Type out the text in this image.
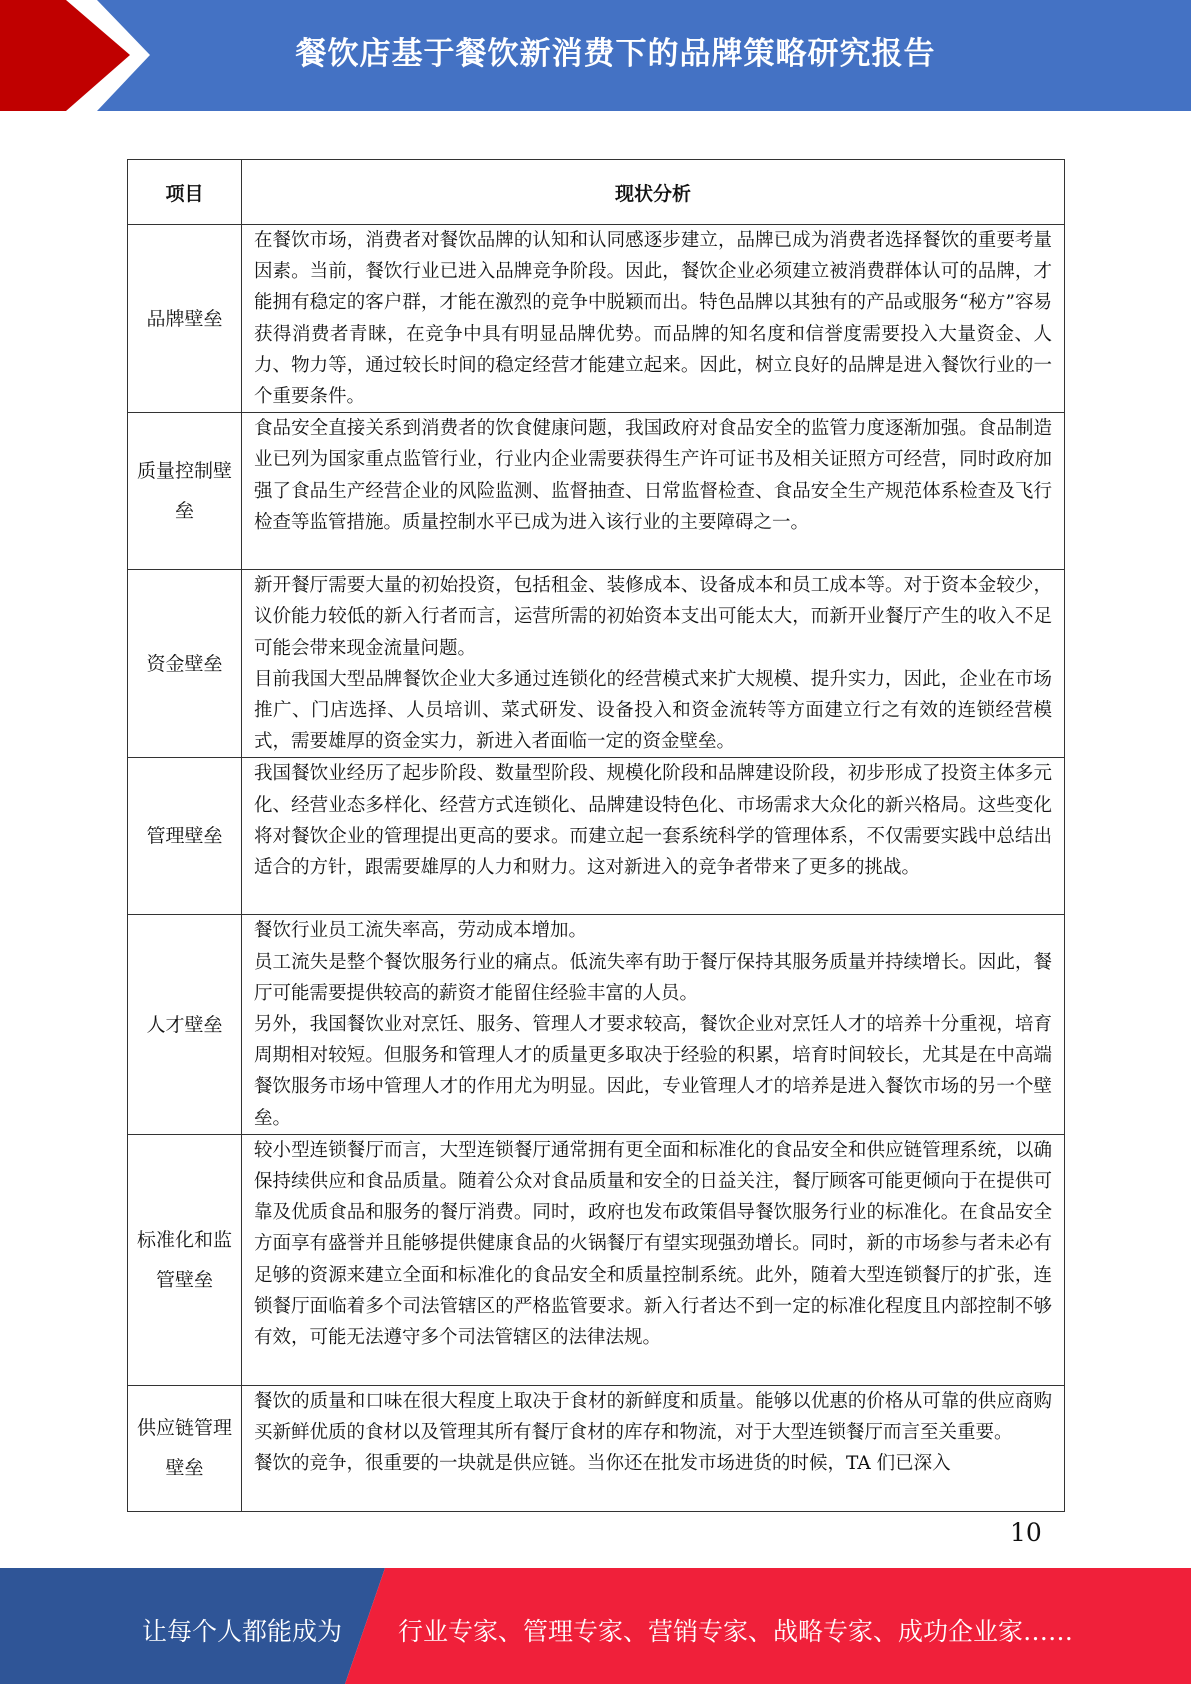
餐饮店基于餐饮新消费下的品牌策略研究报告
项目	现状分析
品牌壁垒	在餐饮市场，消费者对餐饮品牌的认知和认同感逐步建立，品牌已成为消费者选择餐饮的重要考量因素。当前，餐饮行业已进入品牌竞争阶段。因此，餐饮企业必须建立被消费群体认可的品牌，才能拥有稳定的客户群，才能在激烈的竞争中脱颖而出。特色品牌以其独有的产品或服务“秘方”容易获得消费者青睐，在竞争中具有明显品牌优势。而品牌的知名度和信誉度需要投入大量资金、人力、物力等，通过较长时间的稳定经营才能建立起来。因此，树立良好的品牌是进入餐饮行业的一个重要条件。

质量控制壁垒	食品安全直接关系到消费者的饮食健康问题，我国政府对食品安全的监管力度逐渐加强。食品制造业已列为国家重点监管行业，行业内企业需要获得生产许可证书及相关证照方可经营，同时政府加强了食品生产经营企业的风险监测、监督抽查、日常监督检查、食品安全生产规范体系检查及飞行检查等监管措施。质量控制水平已成为进入该行业的主要障碍之一。

资金壁垒	新开餐厅需要大量的初始投资，包括租金、装修成本、设备成本和员工成本等。对于资本金较少，议价能力较低的新入行者而言，运营所需的初始资本支出可能太大，而新开业餐厅产生的收入不足可能会带来现金流量问题。

目前我国大型品牌餐饮企业大多通过连锁化的经营模式来扩大规模、提升实力，因此，企业在市场推广、门店选择、人员培训、菜式研发、设备投入和资金流转等方面建立行之有效的连锁经营模式，需要雄厚的资金实力，新进入者面临一定的资金壁垒。

管理壁垒	我国餐饮业经历了起步阶段、数量型阶段、规模化阶段和品牌建设阶段，初步形成了投资主体多元化、经营业态多样化、经营方式连锁化、品牌建设特色化、市场需求大众化的新兴格局。这些变化将对餐饮企业的管理提出更高的要求。而建立起一套系统科学的管理体系，不仅需要实践中总结出适合的方针，跟需要雄厚的人力和财力。这对新进入的竞争者带来了更多的挑战。

人才壁垒	餐饮行业员工流失率高，劳动成本增加。

员工流失是整个餐饮服务行业的痛点。低流失率有助于餐厅保持其服务质量并持续增长。因此，餐厅可能需要提供较高的薪资才能留住经验丰富的人员。

另外，我国餐饮业对烹饪、服务、管理人才要求较高，餐饮企业对烹饪人才的培养十分重视，培育周期相对较短。但服务和管理人才的质量更多取决于经验的积累，培育时间较长，尤其是在中高端餐饮服务市场中管理人才的作用尤为明显。因此，专业管理人才的培养是进入餐饮市场的另一个壁垒。

标准化和监管壁垒	较小型连锁餐厅而言，大型连锁餐厅通常拥有更全面和标准化的食品安全和供应链管理系统，以确保持续供应和食品质量。随着公众对食品质量和安全的日益关注，餐厅顾客可能更倾向于在提供可靠及优质食品和服务的餐厅消费。同时，政府也发布政策倡导餐饮服务行业的标准化。在食品安全方面享有盛誉并且能够提供健康食品的火锅餐厅有望实现强劲增长。同时，新的市场参与者未必有足够的资源来建立全面和标准化的食品安全和质量控制系统。此外，随着大型连锁餐厅的扩张，连锁餐厅面临着多个司法管辖区的严格监管要求。新入行者达不到一定的标准化程度且内部控制不够有效，可能无法遵守多个司法管辖区的法律法规。

供应链管理壁垒	餐饮的质量和口味在很大程度上取决于食材的新鲜度和质量。能够以优惠的价格从可靠的供应商购买新鲜优质的食材以及管理其所有餐厅食材的库存和物流，对于大型连锁餐厅而言至关重要。

餐饮的竞争，很重要的一块就是供应链。当你还在批发市场进货的时候，TA 们已深入

10
让每个人都能成为 行业专家、管理专家、营销专家、战略专家、成功企业家……
